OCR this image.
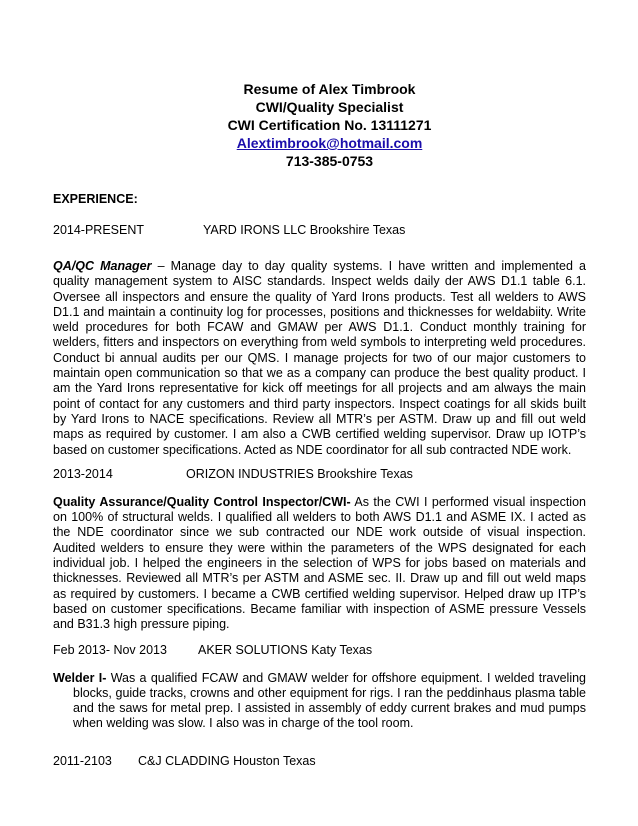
Resume of Alex Timbrook
CWI/Quality Specialist
CWI Certification No. 13111271
Alextimbrook@hotmail.com
713-385-0753
EXPERIENCE:
2014-PRESENT	YARD IRONS LLC Brookshire Texas
QA/QC Manager – Manage day to day quality systems. I have written and implemented a quality management system to AISC standards. Inspect welds daily der AWS D1.1 table 6.1. Oversee all inspectors and ensure the quality of Yard Irons products. Test all welders to AWS D1.1 and maintain a continuity log for processes, positions and thicknesses for weldabiity. Write weld procedures for both FCAW and GMAW per AWS D1.1. Conduct monthly training for welders, fitters and inspectors on everything from weld symbols to interpreting weld procedures. Conduct bi annual audits per our QMS. I manage projects for two of our major customers to maintain open communication so that we as a company can produce the best quality product. I am the Yard Irons representative for kick off meetings for all projects and am always the main point of contact for any customers and third party inspectors. Inspect coatings for all skids built by Yard Irons to NACE specifications. Review all MTR’s per ASTM. Draw up and fill out weld maps as required by customer. I am also a CWB certified welding supervisor. Draw up IOTP’s based on customer specifications. Acted as NDE coordinator for all sub contracted NDE work.
2013-2014	ORIZON INDUSTRIES Brookshire Texas
Quality Assurance/Quality Control Inspector/CWI- As the CWI I performed visual inspection on 100% of structural welds. I qualified all welders to both AWS D1.1 and ASME IX. I acted as the NDE coordinator since we sub contracted our NDE work outside of visual inspection. Audited welders to ensure they were within the parameters of the WPS designated for each individual job. I helped the engineers in the selection of WPS for jobs based on materials and thicknesses. Reviewed all MTR’s per ASTM and ASME sec. II. Draw up and fill out weld maps as required by customers. I became a CWB certified welding supervisor. Helped draw up ITP’s based on customer specifications. Became familiar with inspection of ASME pressure Vessels and B31.3 high pressure piping.
Feb 2013- Nov 2013	AKER SOLUTIONS Katy Texas
Welder I- Was a qualified FCAW and GMAW welder for offshore equipment. I welded traveling blocks, guide tracks, crowns and other equipment for rigs. I ran the peddinhaus plasma table and the saws for metal prep. I assisted in assembly of eddy current brakes and mud pumps when welding was slow. I also was in charge of the tool room.
2011-2103	C&J CLADDING Houston Texas
